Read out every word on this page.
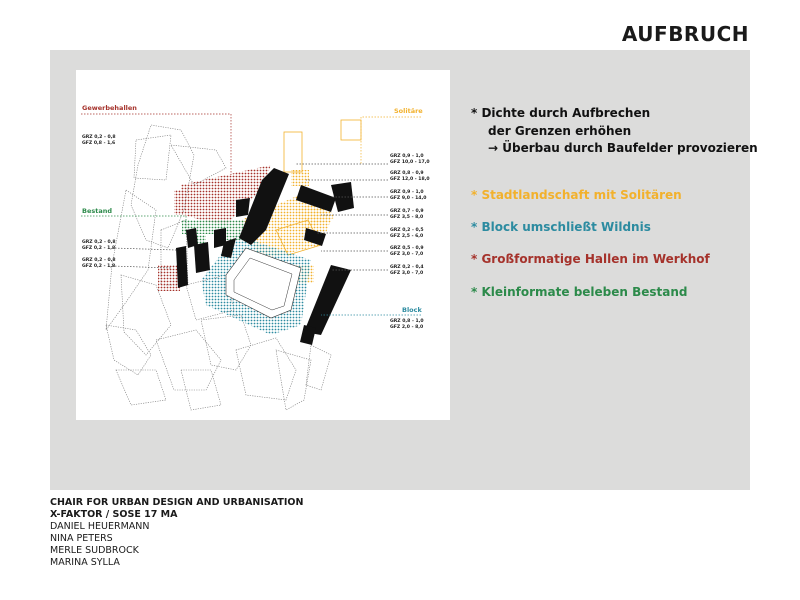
AUFBRUCH
Gewerbehallen	Solitäre
Bestand
Block
GRZ 0,2 - 0,8
GFZ 0,8 - 1,6
GRZ 0,2 - 0,8
GFZ 0,2 - 1,8
GRZ 0,2 - 0,8
GFZ 0,2 - 1,8
GRZ 0,9 - 1,0
GFZ 10,0 - 17,0
GRZ 0,8 - 0,9
GFZ 12,0 - 18,0
GRZ 0,9 - 1,0
GFZ 9,0 - 14,0
GRZ 0,7 - 0,9
GFZ 3,5 - 8,0
GRZ 0,2 - 0,5
GFZ 2,5 - 6,0
GRZ 0,5 - 0,9
GFZ 3,0 - 7,0
GRZ 0,2 - 0,4
GFZ 3,0 - 7,0
GRZ 0,8 - 1,0
GFZ 2,0 - 8,0
* Dichte durch Aufbrechen
der Grenzen erhöhen
→ Überbau durch Baufelder provozieren
* Stadtlandschaft mit Solitären
* Block umschließt Wildnis
* Großformatige Hallen im Werkhof
* Kleinformate beleben Bestand
CHAIR FOR URBAN DESIGN AND URBANISATION
X-FAKTOR / SOSE 17 MA
DANIEL HEUERMANN
NINA PETERS
MERLE SUDBROCK
MARINA SYLLA
